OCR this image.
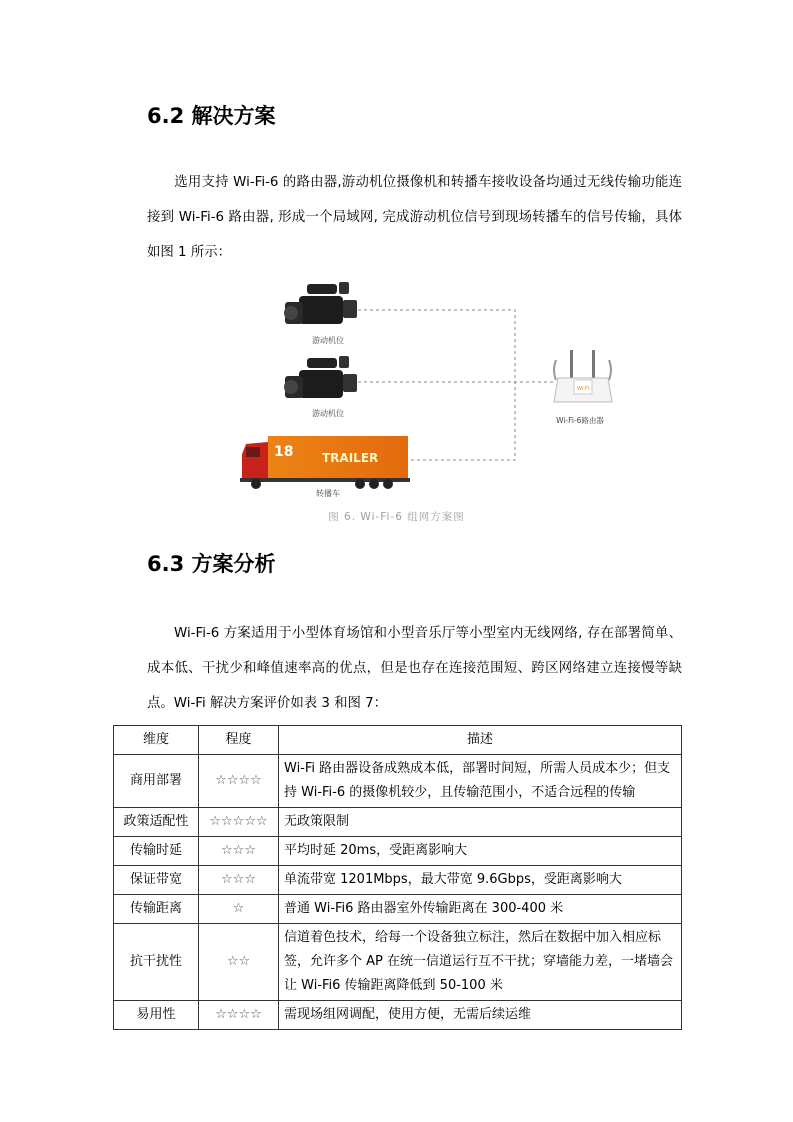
6.2 解决方案

选用支持 Wi-Fi-6 的路由器,游动机位摄像机和转播车接收设备均通过无线传输功能连接到 Wi-Fi-6 路由器, 形成一个局域网, 完成游动机位信号到现场转播车的信号传输，具体如图 1 所示：

游动机位
游动机位
18 TRAILER
转播车
Wi-Fi
Wi-Fi-6路由器
图 6. Wi-Fi-6 组网方案图
6.3 方案分析

Wi-Fi-6 方案适用于小型体育场馆和小型音乐厅等小型室内无线网络, 存在部署简单、成本低、干扰少和峰值速率高的优点，但是也存在连接范围短、跨区网络建立连接慢等缺点。Wi-Fi 解决方案评价如表 3 和图 7：

维度	程度	描述
商用部署	☆☆☆☆	Wi-Fi 路由器设备成熟成本低，部署时间短，所需人员成本少；但支持 Wi-Fi-6 的摄像机较少，且传输范围小，不适合远程的传输
政策适配性	☆☆☆☆☆	无政策限制
传输时延	☆☆☆	平均时延 20ms，受距离影响大
保证带宽	☆☆☆	单流带宽 1201Mbps，最大带宽 9.6Gbps，受距离影响大
传输距离	☆	普通 Wi-Fi6 路由器室外传输距离在 300-400 米
抗干扰性	☆☆	信道着色技术，给每一个设备独立标注，然后在数据中加入相应标签，允许多个 AP 在统一信道运行互不干扰；穿墙能力差，一堵墙会让 Wi-Fi6 传输距离降低到 50-100 米
易用性	☆☆☆☆	需现场组网调配，使用方便，无需后续运维
